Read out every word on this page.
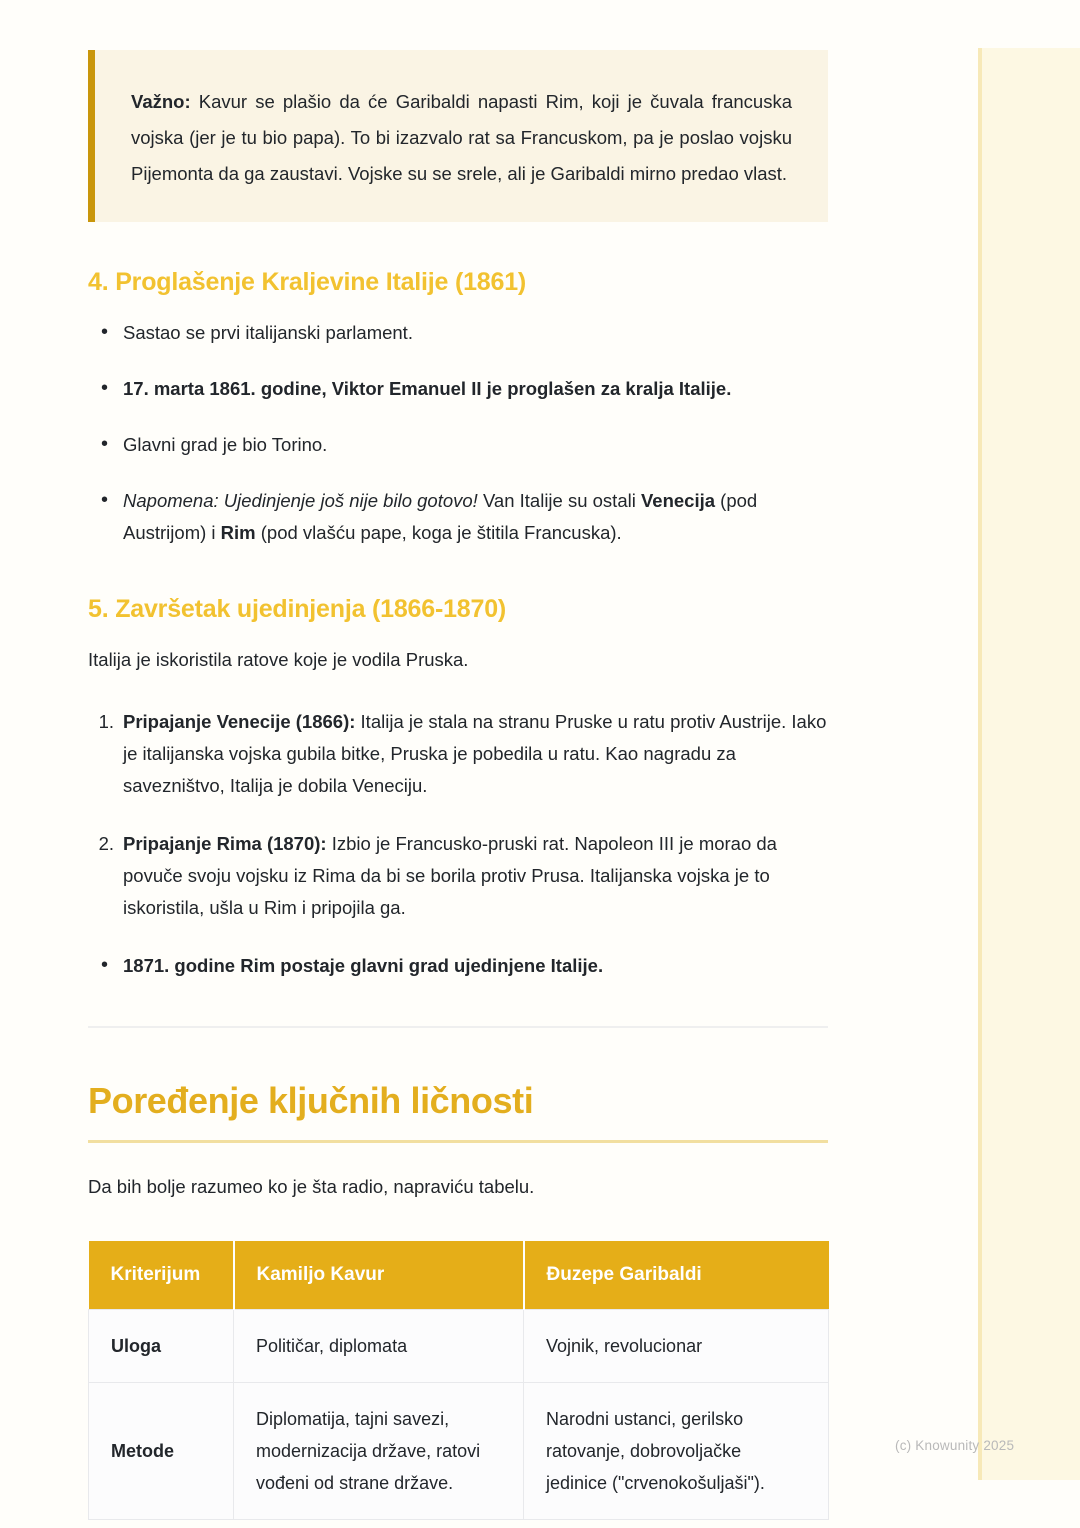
Važno: Kavur se plašio da će Garibaldi napasti Rim, koji je čuvala francuska vojska (jer je tu bio papa). To bi izazvalo rat sa Francuskom, pa je poslao vojsku Pijemonta da ga zaustavi. Vojske su se srele, ali je Garibaldi mirno predao vlast.

4. Proglašenje Kraljevine Italije (1861)
• Sastao se prvi italijanski parlament.
• 17. marta 1861. godine, Viktor Emanuel II je proglašen za kralja Italije.
• Glavni grad je bio Torino.
• Napomena: Ujedinjenje još nije bilo gotovo! Van Italije su ostali Venecija (pod Austrijom) i Rim (pod vlašću pape, koga je štitila Francuska).
5. Završetak ujedinjenja (1866-1870)

Italija je iskoristila ratove koje je vodila Pruska.

Pripajanje Venecije (1866): Italija je stala na stranu Pruske u ratu protiv Austrije. Iako je italijanska vojska gubila bitke, Pruska je pobedila u ratu. Kao nagradu za savezništvo, Italija je dobila Veneciju.
Pripajanje Rima (1870): Izbio je Francusko-pruski rat. Napoleon III je morao da povuče svoju vojsku iz Rima da bi se borila protiv Prusa. Italijanska vojska je to iskoristila, ušla u Rim i pripojila ga.
• 1871. godine Rim postaje glavni grad ujedinjene Italije.
Poređenje ključnih ličnosti

Da bih bolje razumeo ko je šta radio, napraviću tabelu.

Kriterijum	Kamiljo Kavur	Đuzepe Garibaldi
Uloga	Političar, diplomata	Vojnik, revolucionar
Metode	Diplomatija, tajni savezi, modernizacija države, ratovi vođeni od strane države.	Narodni ustanci, gerilsko ratovanje, dobrovoljačke jedinice ("crvenokošuljaši").
(c) Knowunity 2025
